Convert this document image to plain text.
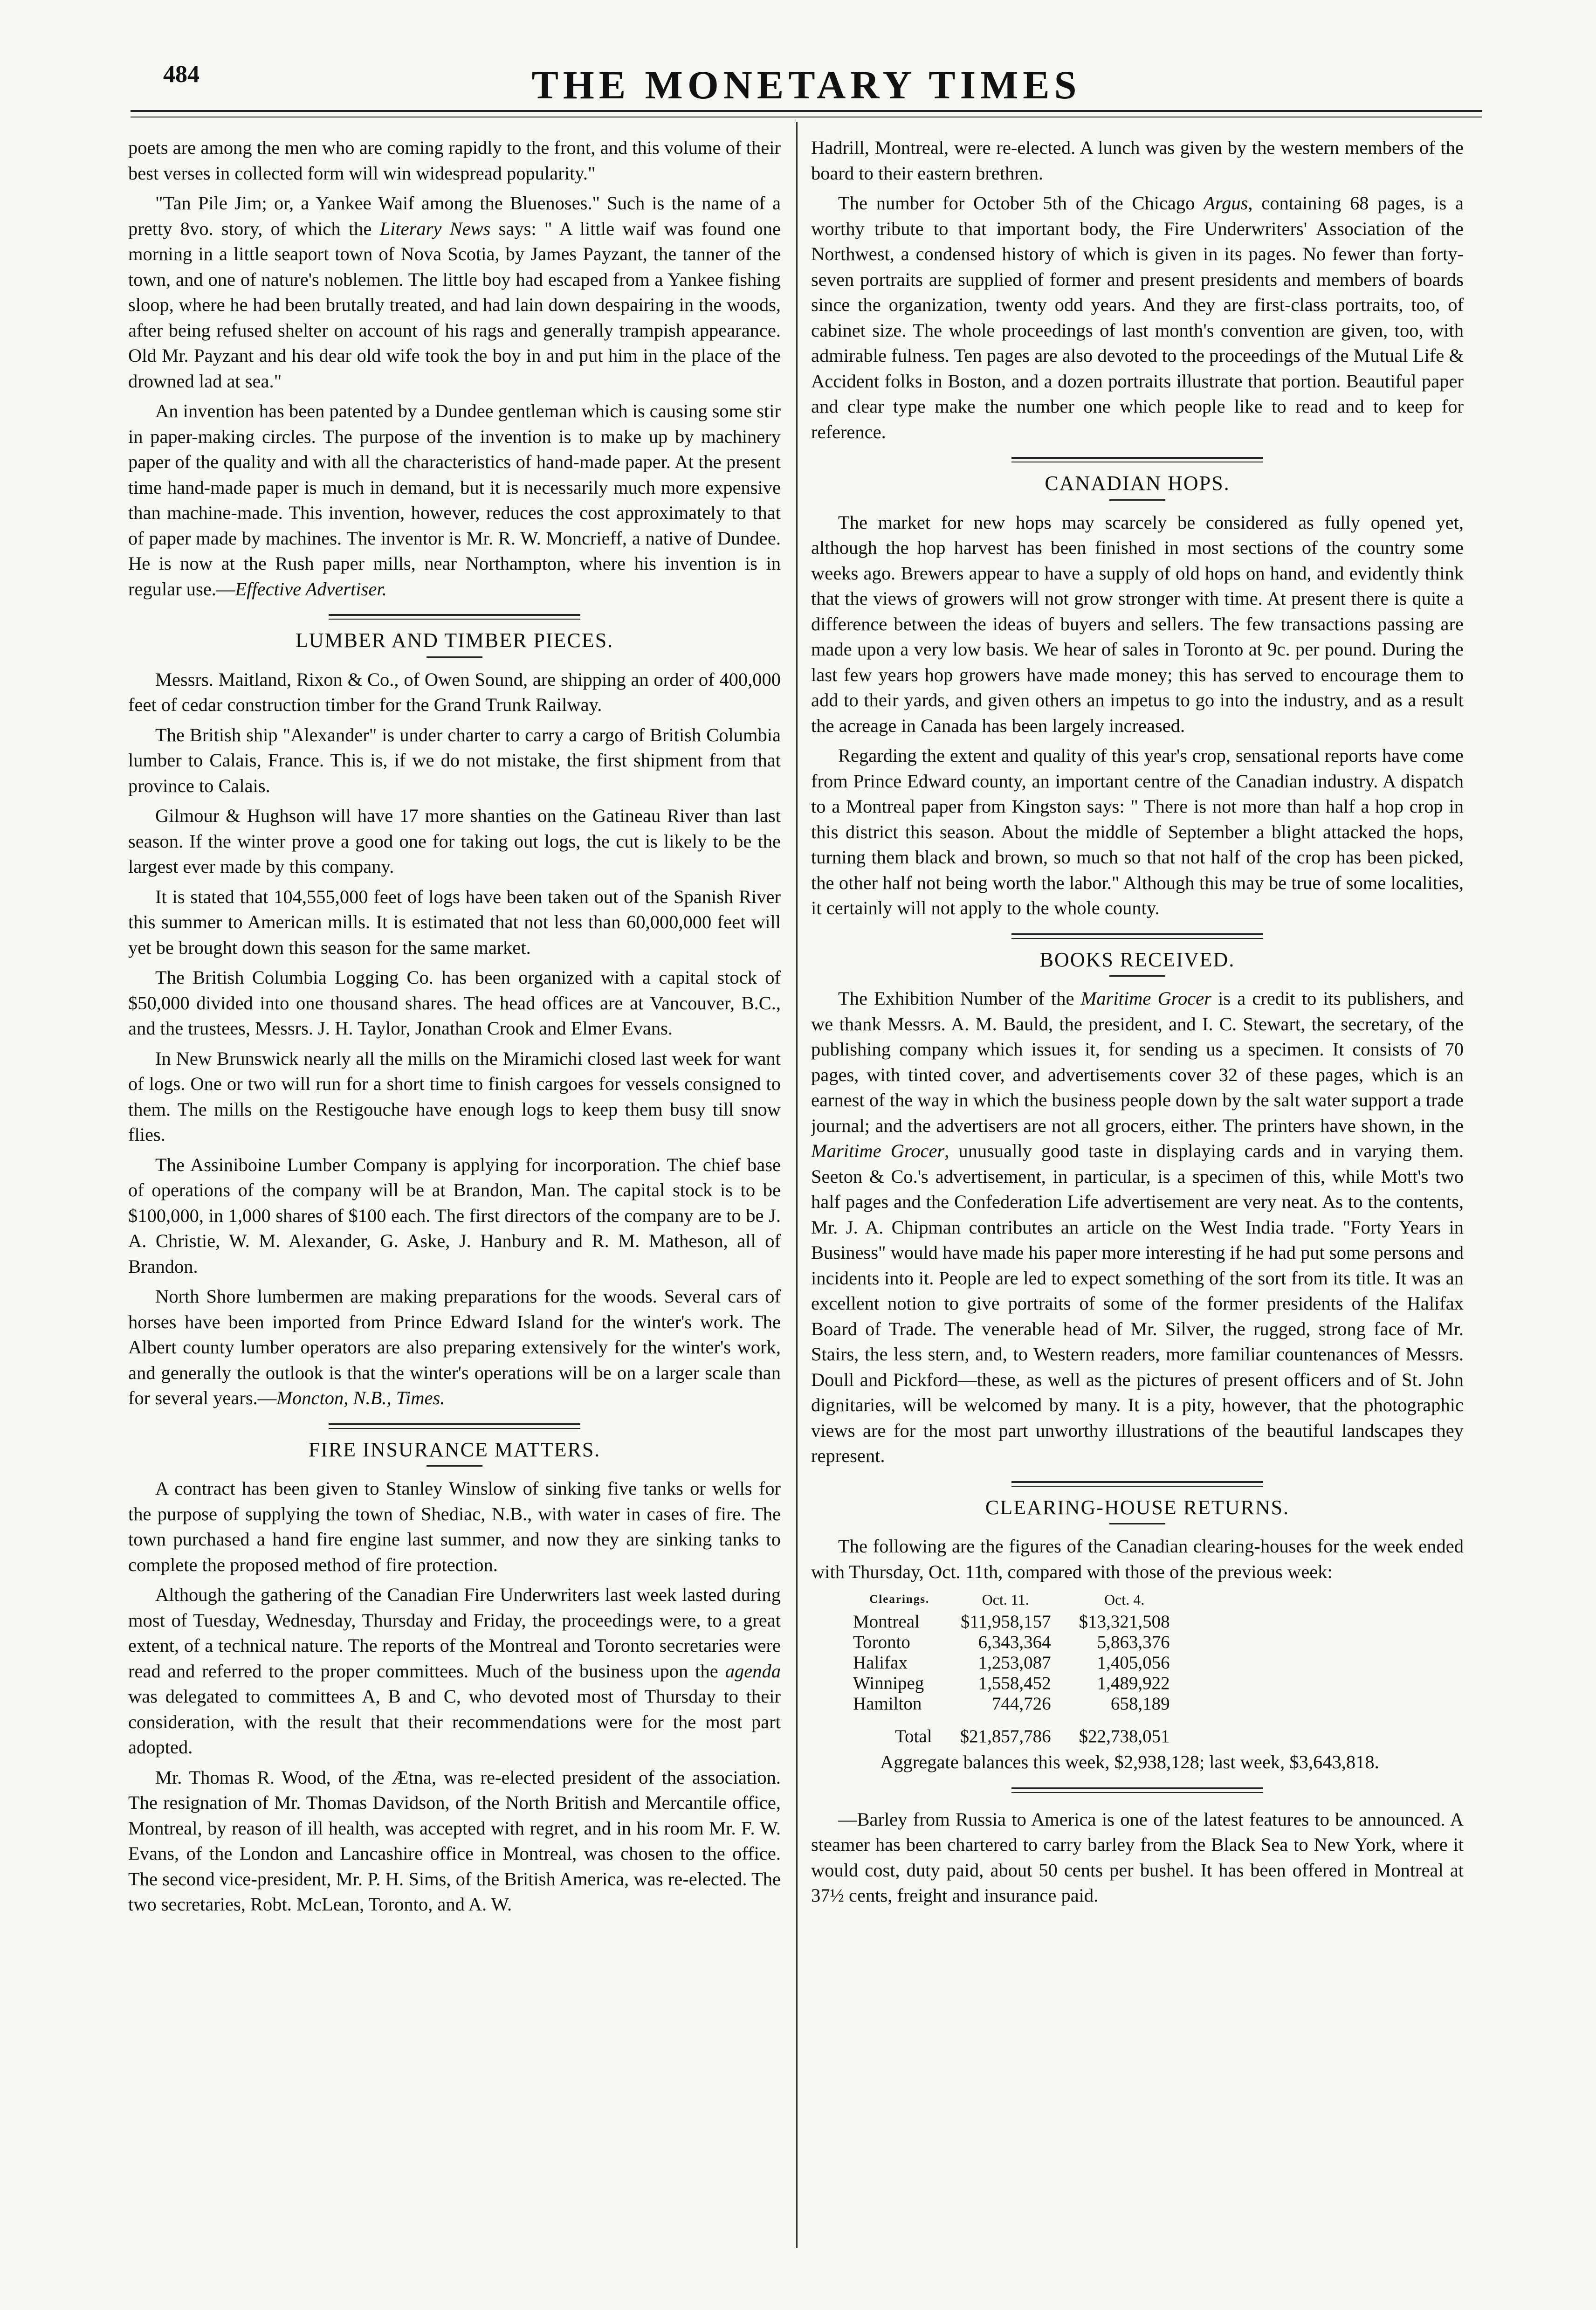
484	THE MONETARY TIMES

poets are among the men who are coming rapidly to the front, and this volume of their best verses in collected form will win widespread popularity."

"Tan Pile Jim; or, a Yankee Waif among the Bluenoses." Such is the name of a pretty 8vo. story, of which the Literary News says: " A little waif was found one morning in a little seaport town of Nova Scotia, by James Payzant, the tanner of the town, and one of nature's noblemen. The little boy had escaped from a Yankee fishing sloop, where he had been brutally treated, and had lain down despairing in the woods, after being refused shelter on account of his rags and generally trampish appearance. Old Mr. Payzant and his dear old wife took the boy in and put him in the place of the drowned lad at sea."

An invention has been patented by a Dundee gentleman which is causing some stir in paper-making circles. The purpose of the invention is to make up by machinery paper of the quality and with all the characteristics of hand-made paper. At the present time hand-made paper is much in demand, but it is necessarily much more expensive than machine-made. This invention, however, reduces the cost approximately to that of paper made by machines. The inventor is Mr. R. W. Moncrieff, a native of Dundee. He is now at the Rush paper mills, near Northampton, where his invention is in regular use.—Effective Advertiser.

LUMBER AND TIMBER PIECES.

Messrs. Maitland, Rixon & Co., of Owen Sound, are shipping an order of 400,000 feet of cedar construction timber for the Grand Trunk Railway.

The British ship "Alexander" is under charter to carry a cargo of British Columbia lumber to Calais, France. This is, if we do not mistake, the first shipment from that province to Calais.

Gilmour & Hughson will have 17 more shanties on the Gatineau River than last season. If the winter prove a good one for taking out logs, the cut is likely to be the largest ever made by this company.

It is stated that 104,555,000 feet of logs have been taken out of the Spanish River this summer to American mills. It is estimated that not less than 60,000,000 feet will yet be brought down this season for the same market.

The British Columbia Logging Co. has been organized with a capital stock of $50,000 divided into one thousand shares. The head offices are at Vancouver, B.C., and the trustees, Messrs. J. H. Taylor, Jonathan Crook and Elmer Evans.

In New Brunswick nearly all the mills on the Miramichi closed last week for want of logs. One or two will run for a short time to finish cargoes for vessels consigned to them. The mills on the Restigouche have enough logs to keep them busy till snow flies.

The Assiniboine Lumber Company is applying for incorporation. The chief base of operations of the company will be at Brandon, Man. The capital stock is to be $100,000, in 1,000 shares of $100 each. The first directors of the company are to be J. A. Christie, W. M. Alexander, G. Aske, J. Hanbury and R. M. Matheson, all of Brandon.

North Shore lumbermen are making preparations for the woods. Several cars of horses have been imported from Prince Edward Island for the winter's work. The Albert county lumber operators are also preparing extensively for the winter's work, and generally the outlook is that the winter's operations will be on a larger scale than for several years.—Moncton, N.B., Times.

FIRE INSURANCE MATTERS.

A contract has been given to Stanley Winslow of sinking five tanks or wells for the purpose of supplying the town of Shediac, N.B., with water in cases of fire. The town purchased a hand fire engine last summer, and now they are sinking tanks to complete the proposed method of fire protection.

Although the gathering of the Canadian Fire Underwriters last week lasted during most of Tuesday, Wednesday, Thursday and Friday, the proceedings were, to a great extent, of a technical nature. The reports of the Montreal and Toronto secretaries were read and referred to the proper committees. Much of the business upon the agenda was delegated to committees A, B and C, who devoted most of Thursday to their consideration, with the result that their recommendations were for the most part adopted.

Mr. Thomas R. Wood, of the Ætna, was re-elected president of the association. The resignation of Mr. Thomas Davidson, of the North British and Mercantile office, Montreal, by reason of ill health, was accepted with regret, and in his room Mr. F. W. Evans, of the London and Lancashire office in Montreal, was chosen to the office. The second vice-president, Mr. P. H. Sims, of the British America, was re-elected. The two secretaries, Robt. McLean, Toronto, and A. W.

Hadrill, Montreal, were re-elected. A lunch was given by the western members of the board to their eastern brethren.

The number for October 5th of the Chicago Argus, containing 68 pages, is a worthy tribute to that important body, the Fire Underwriters' Association of the Northwest, a condensed history of which is given in its pages. No fewer than forty-seven portraits are supplied of former and present presidents and members of boards since the organization, twenty odd years. And they are first-class portraits, too, of cabinet size. The whole proceedings of last month's convention are given, too, with admirable fulness. Ten pages are also devoted to the proceedings of the Mutual Life & Accident folks in Boston, and a dozen portraits illustrate that portion. Beautiful paper and clear type make the number one which people like to read and to keep for reference.

CANADIAN HOPS.

The market for new hops may scarcely be considered as fully opened yet, although the hop harvest has been finished in most sections of the country some weeks ago. Brewers appear to have a supply of old hops on hand, and evidently think that the views of growers will not grow stronger with time. At present there is quite a difference between the ideas of buyers and sellers. The few transactions passing are made upon a very low basis. We hear of sales in Toronto at 9c. per pound. During the last few years hop growers have made money; this has served to encourage them to add to their yards, and given others an impetus to go into the industry, and as a result the acreage in Canada has been largely increased.

Regarding the extent and quality of this year's crop, sensational reports have come from Prince Edward county, an important centre of the Canadian industry. A dispatch to a Montreal paper from Kingston says: " There is not more than half a hop crop in this district this season. About the middle of September a blight attacked the hops, turning them black and brown, so much so that not half of the crop has been picked, the other half not being worth the labor." Although this may be true of some localities, it certainly will not apply to the whole county.

BOOKS RECEIVED.

The Exhibition Number of the Maritime Grocer is a credit to its publishers, and we thank Messrs. A. M. Bauld, the president, and I. C. Stewart, the secretary, of the publishing company which issues it, for sending us a specimen. It consists of 70 pages, with tinted cover, and advertisements cover 32 of these pages, which is an earnest of the way in which the business people down by the salt water support a trade journal; and the advertisers are not all grocers, either. The printers have shown, in the Maritime Grocer, unusually good taste in displaying cards and in varying them. Seeton & Co.'s advertisement, in particular, is a specimen of this, while Mott's two half pages and the Confederation Life advertisement are very neat. As to the contents, Mr. J. A. Chipman contributes an article on the West India trade. "Forty Years in Business" would have made his paper more interesting if he had put some persons and incidents into it. People are led to expect something of the sort from its title. It was an excellent notion to give portraits of some of the former presidents of the Halifax Board of Trade. The venerable head of Mr. Silver, the rugged, strong face of Mr. Stairs, the less stern, and, to Western readers, more familiar countenances of Messrs. Doull and Pickford—these, as well as the pictures of present officers and of St. John dignitaries, will be welcomed by many. It is a pity, however, that the photographic views are for the most part unworthy illustrations of the beautiful landscapes they represent.

CLEARING-HOUSE RETURNS.

The following are the figures of the Canadian clearing-houses for the week ended with Thursday, Oct. 11th, compared with those of the previous week:

Clearings.	Oct. 11.	Oct. 4.
Montreal	$11,958,157	$13,321,508
Toronto	6,343,364	5,863,376
Halifax	1,253,087	1,405,056
Winnipeg	1,558,452	1,489,922
Hamilton	744,726	658,189
Total	$21,857,786	$22,738,051

Aggregate balances this week, $2,938,128; last week, $3,643,818.

—Barley from Russia to America is one of the latest features to be announced. A steamer has been chartered to carry barley from the Black Sea to New York, where it would cost, duty paid, about 50 cents per bushel. It has been offered in Montreal at 37½ cents, freight and insurance paid.
